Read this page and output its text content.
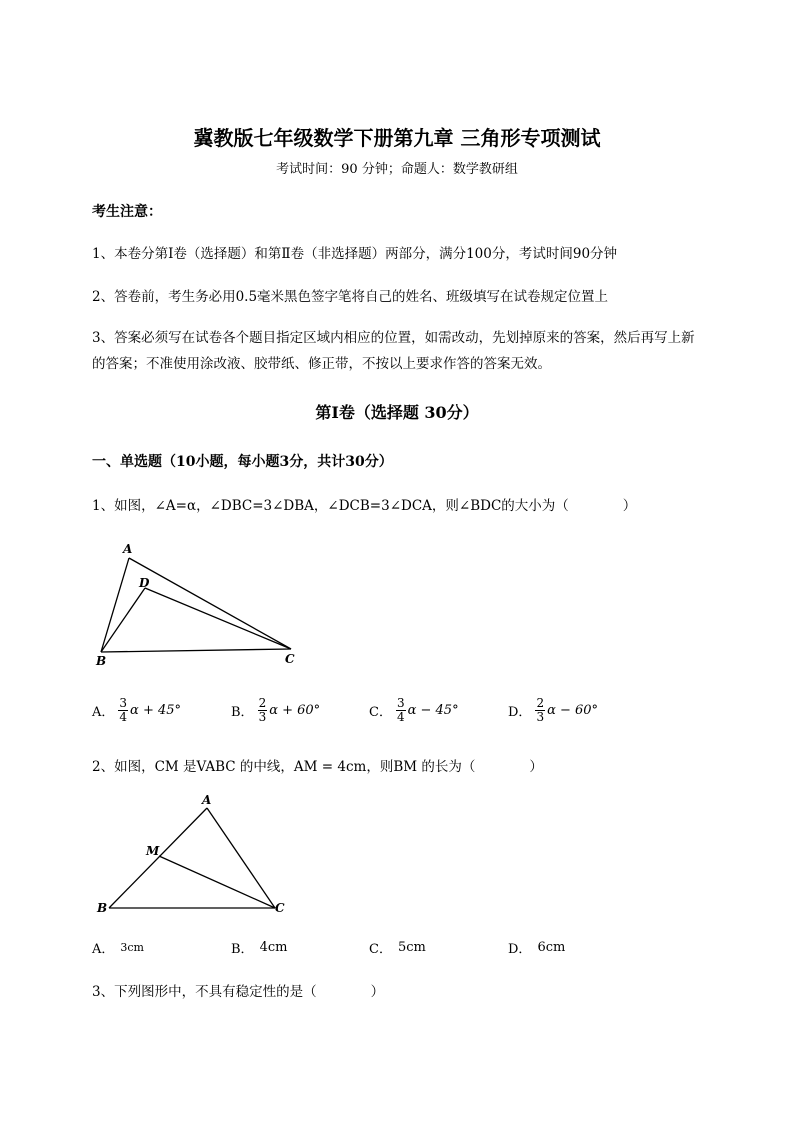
冀教版七年级数学下册第九章 三角形专项测试
考试时间：90 分钟；命题人：数学教研组
考生注意：
1、本卷分第I卷（选择题）和第Ⅱ卷（非选择题）两部分，满分100分，考试时间90分钟
2、答卷前，考生务必用0.5毫米黑色签字笔将自己的姓名、班级填写在试卷规定位置上
3、答案必须写在试卷各个题目指定区域内相应的位置，如需改动，先划掉原来的答案，然后再写上新
的答案；不准使用涂改液、胶带纸、修正带，不按以上要求作答的答案无效。
第I卷（选择题 30分）
一、单选题（10小题，每小题3分，共计30分）
1、如图，∠A=α，∠DBC=3∠DBA，∠DCB=3∠DCA，则∠BDC的大小为（　　　　）
A
D
B	C
A． $\frac{3}{4}$ α + 45°	B． $\frac{2}{3}$ α + 60°	C． $\frac{3}{4}$ α − 45°	D． $\frac{2}{3}$ α − 60°
2、如图，CM 是VABC 的中线，AM = 4cm，则BM 的长为（　　　　）
A
M
B	C
A． 3cm	B． 4cm	C． 5cm	D． 6cm
3、下列图形中，不具有稳定性的是（　　　　）
